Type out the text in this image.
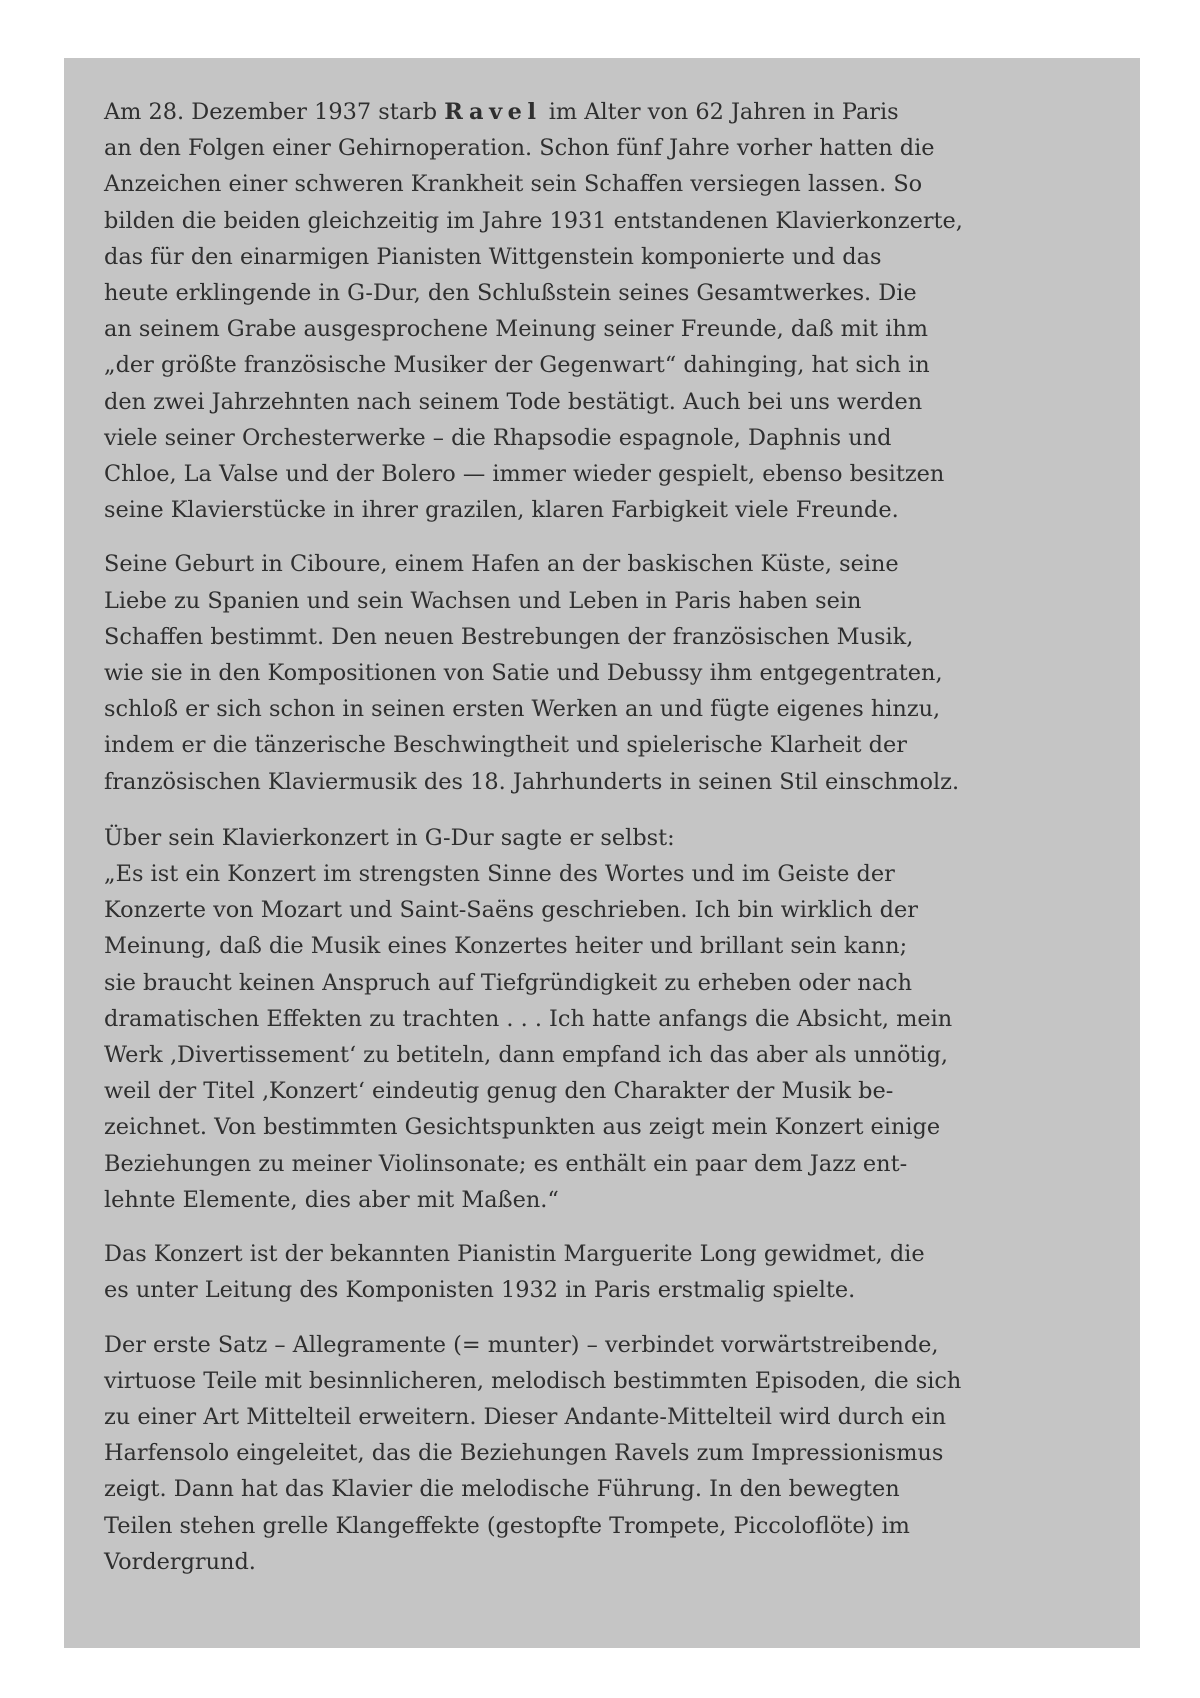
Am 28. Dezember 1937 starb Ravel im Alter von 62 Jahren in Paris
an den Folgen einer Gehirnoperation. Schon fünf Jahre vorher hatten die
Anzeichen einer schweren Krankheit sein Schaffen versiegen lassen. So
bilden die beiden gleichzeitig im Jahre 1931 entstandenen Klavierkonzerte,
das für den einarmigen Pianisten Wittgenstein komponierte und das
heute erklingende in G-Dur, den Schlußstein seines Gesamtwerkes. Die
an seinem Grabe ausgesprochene Meinung seiner Freunde, daß mit ihm
„der größte französische Musiker der Gegenwart“ dahinging, hat sich in
den zwei Jahrzehnten nach seinem Tode bestätigt. Auch bei uns werden
viele seiner Orchesterwerke – die Rhapsodie espagnole, Daphnis und
Chloe, La Valse und der Bolero — immer wieder gespielt, ebenso besitzen
seine Klavierstücke in ihrer grazilen, klaren Farbigkeit viele Freunde.

Seine Geburt in Ciboure, einem Hafen an der baskischen Küste, seine
Liebe zu Spanien und sein Wachsen und Leben in Paris haben sein
Schaffen bestimmt. Den neuen Bestrebungen der französischen Musik,
wie sie in den Kompositionen von Satie und Debussy ihm entgegentraten,
schloß er sich schon in seinen ersten Werken an und fügte eigenes hinzu,
indem er die tänzerische Beschwingtheit und spielerische Klarheit der
französischen Klaviermusik des 18. Jahrhunderts in seinen Stil einschmolz.

Über sein Klavierkonzert in G-Dur sagte er selbst:
„Es ist ein Konzert im strengsten Sinne des Wortes und im Geiste der
Konzerte von Mozart und Saint-Saëns geschrieben. Ich bin wirklich der
Meinung, daß die Musik eines Konzertes heiter und brillant sein kann;
sie braucht keinen Anspruch auf Tiefgründigkeit zu erheben oder nach
dramatischen Effekten zu trachten . . . Ich hatte anfangs die Absicht, mein
Werk ‚Divertissement‘ zu betiteln, dann empfand ich das aber als unnötig,
weil der Titel ‚Konzert‘ eindeutig genug den Charakter der Musik be-
zeichnet. Von bestimmten Gesichtspunkten aus zeigt mein Konzert einige
Beziehungen zu meiner Violinsonate; es enthält ein paar dem Jazz ent-
lehnte Elemente, dies aber mit Maßen.“

Das Konzert ist der bekannten Pianistin Marguerite Long gewidmet, die
es unter Leitung des Komponisten 1932 in Paris erstmalig spielte.

Der erste Satz – Allegramente (= munter) – verbindet vorwärtstreibende,
virtuose Teile mit besinnlicheren, melodisch bestimmten Episoden, die sich
zu einer Art Mittelteil erweitern. Dieser Andante-Mittelteil wird durch ein
Harfensolo eingeleitet, das die Beziehungen Ravels zum Impressionismus
zeigt. Dann hat das Klavier die melodische Führung. In den bewegten
Teilen stehen grelle Klangeffekte (gestopfte Trompete, Piccoloflöte) im
Vordergrund.
